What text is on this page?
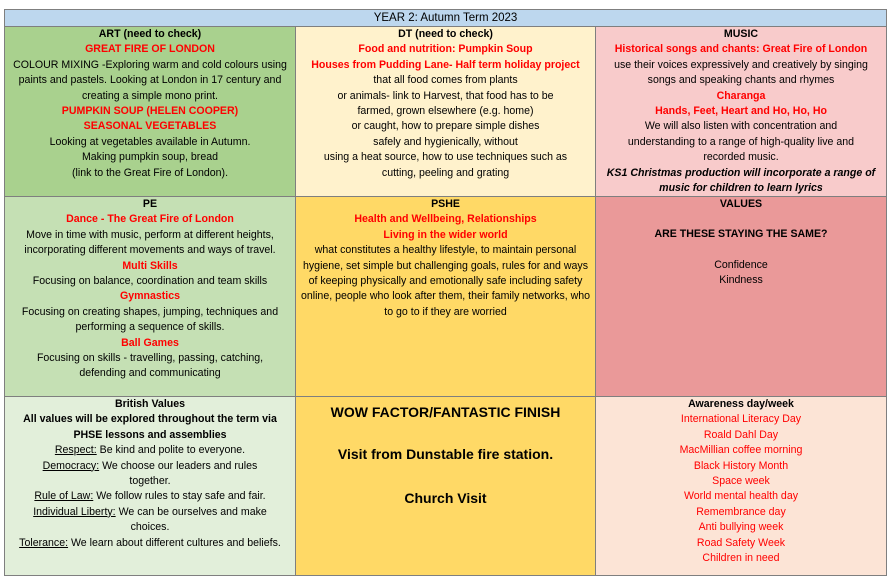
YEAR 2: Autumn Term 2023
ART (need to check)
GREAT FIRE OF LONDON
COLOUR MIXING -Exploring warm and cold colours using paints and pastels. Looking at London in 17 century and creating a simple mono print.
PUMPKIN SOUP (HELEN COOPER) SEASONAL VEGETABLES
Looking at vegetables available in Autumn.
Making pumpkin soup, bread
(link to the Great Fire of London).
DT (need to check)
Food and nutrition: Pumpkin Soup
Houses from Pudding Lane- Half term holiday project
that all food comes from plants
or animals- link to Harvest, that food has to be
farmed, grown elsewhere (e.g. home)
or caught, how to prepare simple dishes
safely and hygienically, without
using a heat source, how to use techniques such as
cutting, peeling and grating
MUSIC
Historical songs and chants: Great Fire of London
use their voices expressively and creatively by singing songs and speaking chants and rhymes
Charanga
Hands, Feet, Heart and Ho, Ho, Ho
We will also listen with concentration and understanding to a range of high-quality live and recorded music.
KS1 Christmas production will incorporate a range of music for children to learn lyrics
PE
Dance - The Great Fire of London
Move in time with music, perform at different heights, incorporating different movements and ways of travel.
Multi Skills
Focusing on balance, coordination and team skills
Gymnastics
Focusing on creating shapes, jumping, techniques and performing a sequence of skills.
Ball Games
Focusing on skills - travelling, passing, catching, defending and communicating
PSHE
Health and Wellbeing, Relationships
Living in the wider world
what constitutes a healthy lifestyle, to maintain personal hygiene, set simple but challenging goals, rules for and ways of keeping physically and emotionally safe including safety online, people who look after them, their family networks, who to go to if they are worried
VALUES
ARE THESE STAYING THE SAME?
Confidence
Kindness
British Values
All values will be explored throughout the term via PHSE lessons and assemblies
Respect: Be kind and polite to everyone.
Democracy: We choose our leaders and rules together.
Rule of Law: We follow rules to stay safe and fair.
Individual Liberty: We can be ourselves and make choices.
Tolerance: We learn about different cultures and beliefs.
WOW FACTOR/FANTASTIC FINISH
Visit from Dunstable fire station.
Church Visit
Awareness day/week
International Literacy Day
Roald Dahl Day
MacMillian coffee morning
Black History Month
Space week
World mental health day
Remembrance day
Anti bullying week
Road Safety Week
Children in need
